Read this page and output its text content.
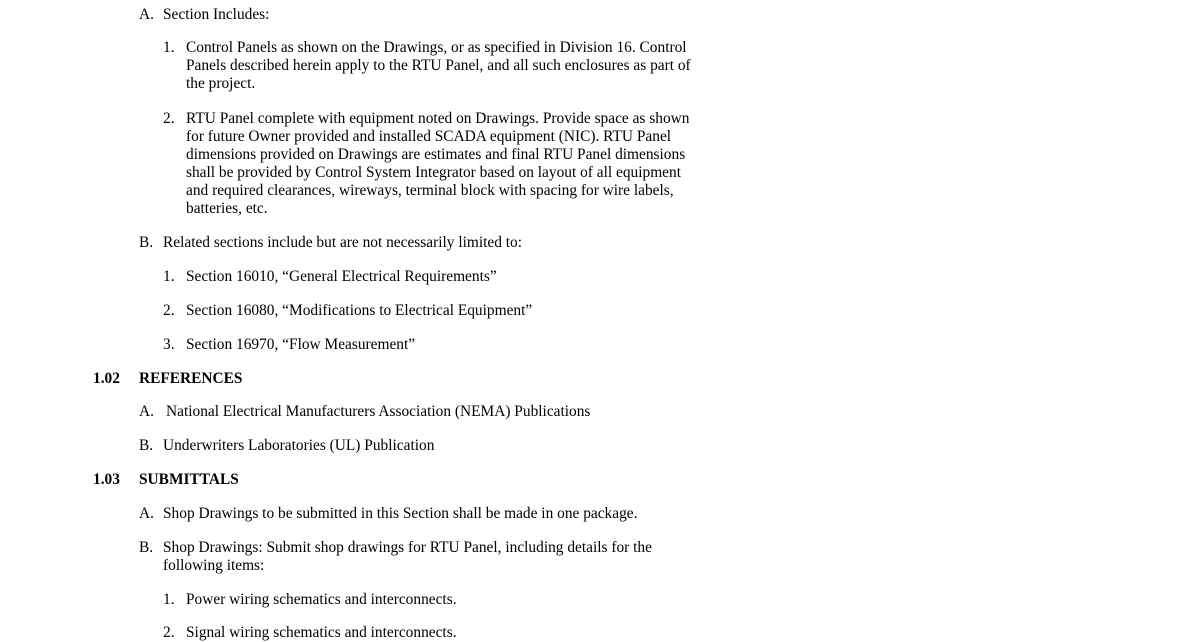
A. Section Includes:
1. Control Panels as shown on the Drawings, or as specified in Division 16. Control
Panels described herein apply to the RTU Panel, and all such enclosures as part of
the project.
2. RTU Panel complete with equipment noted on Drawings. Provide space as shown
for future Owner provided and installed SCADA equipment (NIC). RTU Panel
dimensions provided on Drawings are estimates and final RTU Panel dimensions
shall be provided by Control System Integrator based on layout of all equipment
and required clearances, wireways, terminal block with spacing for wire labels,
batteries, etc.
B. Related sections include but are not necessarily limited to:
1. Section 16010, “General Electrical Requirements”
2. Section 16080, “Modifications to Electrical Equipment”
3. Section 16970, “Flow Measurement”
1.02 REFERENCES
A. National Electrical Manufacturers Association (NEMA) Publications
B. Underwriters Laboratories (UL) Publication
1.03 SUBMITTALS
A. Shop Drawings to be submitted in this Section shall be made in one package.
B. Shop Drawings: Submit shop drawings for RTU Panel, including details for the
following items:
1. Power wiring schematics and interconnects.
2. Signal wiring schematics and interconnects.
